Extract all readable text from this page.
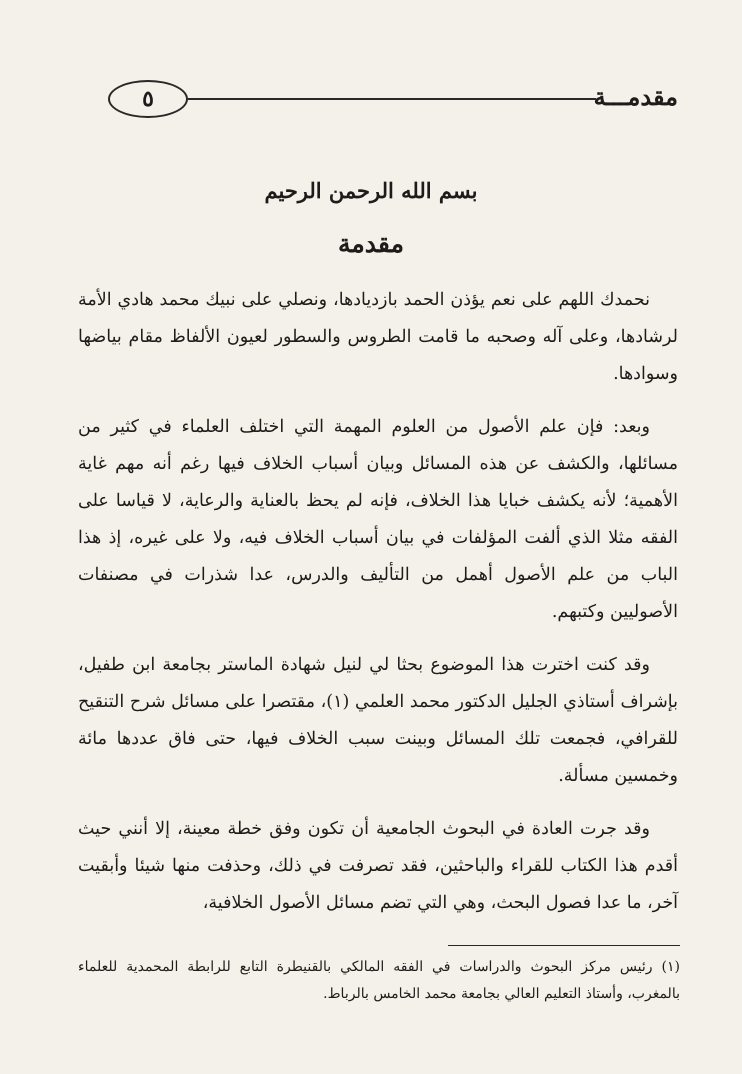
٥	مقدمـــة
بسم الله الرحمن الرحيم
مقدمة

نحمدك اللهم على نعم يؤذن الحمد بازديادها، ونصلي على نبيك محمد هادي الأمة لرشادها، وعلى آله وصحبه ما قامت الطروس والسطور لعيون الألفاظ مقام بياضها وسوادها.

وبعد: فإن علم الأصول من العلوم المهمة التي اختلف العلماء في كثير من مسائلها، والكشف عن هذه المسائل وبيان أسباب الخلاف فيها رغم أنه مهم غاية الأهمية؛ لأنه يكشف خبايا هذا الخلاف، فإنه لم يحظ بالعناية والرعاية، لا قياسا على الفقه مثلا الذي ألفت المؤلفات في بيان أسباب الخلاف فيه، ولا على غيره، إذ هذا الباب من علم الأصول أهمل من التأليف والدرس، عدا شذرات في مصنفات الأصوليين وكتبهم.

وقد كنت اخترت هذا الموضوع بحثا لي لنيل شهادة الماستر بجامعة ابن طفيل، بإشراف أستاذي الجليل الدكتور محمد العلمي (١)، مقتصرا على مسائل شرح التنقيح للقرافي، فجمعت تلك المسائل وبينت سبب الخلاف فيها، حتى فاق عددها مائة وخمسين مسألة.

وقد جرت العادة في البحوث الجامعية أن تكون وفق خطة معينة، إلا أنني حيث أقدم هذا الكتاب للقراء والباحثين، فقد تصرفت في ذلك، وحذفت منها شيئا وأبقيت آخر، ما عدا فصول البحث، وهي التي تضم مسائل الأصول الخلافية،

(١) رئيس مركز البحوث والدراسات في الفقه المالكي بالقنيطرة التابع للرابطة المحمدية للعلماء بالمغرب، وأستاذ التعليم العالي بجامعة محمد الخامس بالرباط.
